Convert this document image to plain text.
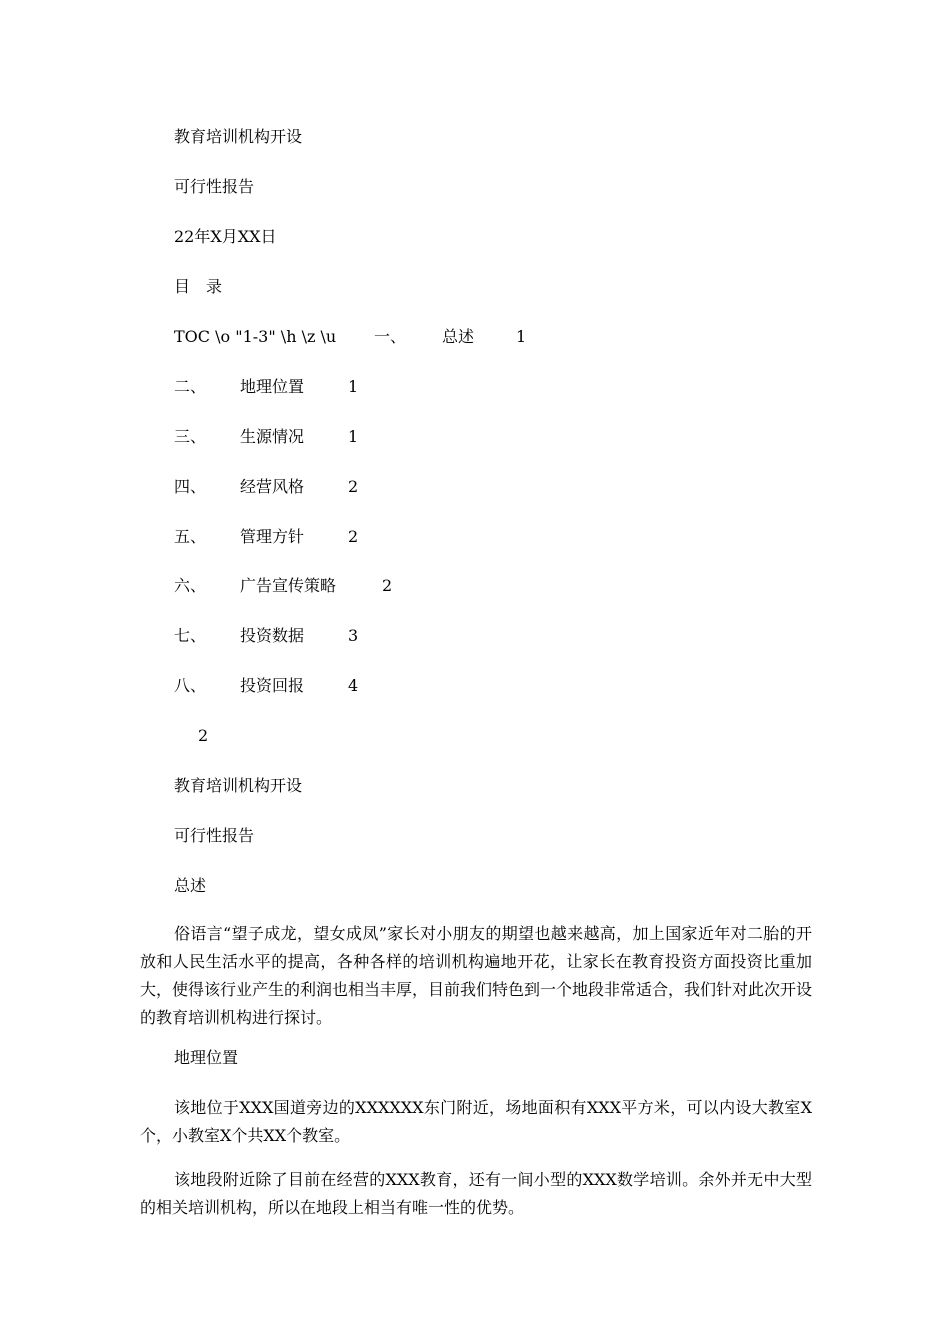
教育培训机构开设
可行性报告
22年X月XX日
目　录
TOC \o "1-3" \h \z \u 一、 总述	1
二、 地理位置	1
三、 生源情况	1
四、 经营风格	2
五、 管理方针	2
六、 广告宣传策略	2
七、 投资数据	3
八、 投资回报	4
2
教育培训机构开设
可行性报告
总述
俗语言“望子成龙，望女成凤”家长对小朋友的期望也越来越高，加上国家近年对二胎的开放和人民生活水平的提高，各种各样的培训机构遍地开花，让家长在教育投资方面投资比重加大，使得该行业产生的利润也相当丰厚，目前我们特色到一个地段非常适合，我们针对此次开设的教育培训机构进行探讨。
地理位置
该地位于XXX国道旁边的XXXXXX东门附近，场地面积有XXX平方米，可以内设大教室X个，小教室X个共XX个教室。
该地段附近除了目前在经营的XXX教育，还有一间小型的XXX数学培训。余外并无中大型的相关培训机构，所以在地段上相当有唯一性的优势。
